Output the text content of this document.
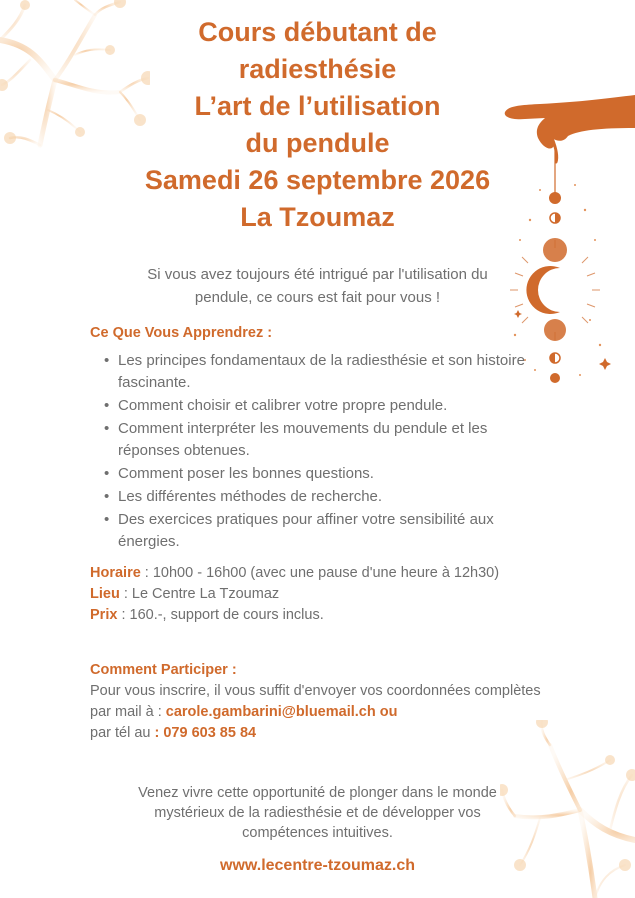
Cours débutant de
radiesthésie
L’art de l’utilisation
du pendule
Samedi 26 septembre 2026
La Tzoumaz

Si vous avez toujours été intrigué par l'utilisation du
pendule, ce cours est fait pour vous !

Ce Que Vous Apprendrez :
• Les principes fondamentaux de la radiesthésie et son histoire fascinante.
• Comment choisir et calibrer votre propre pendule.
• Comment interpréter les mouvements du pendule et les réponses obtenues.
• Comment poser les bonnes questions.
• Les différentes méthodes de recherche.
• Des exercices pratiques pour affiner votre sensibilité aux énergies.

Horaire : 10h00 - 16h00 (avec une pause d'une heure à 12h30)

Lieu : Le Centre La Tzoumaz

Prix : 160.-, support de cours inclus.

Comment Participer :

Pour vous inscrire, il vous suffit d'envoyer vos coordonnées complètes

par mail à : carole.gambarini@bluemail.ch ou

par tél au : 079 603 85 84

Venez vivre cette opportunité de plonger dans le monde
mystérieux de la radiesthésie et de développer vos
compétences intuitives.

www.lecentre-tzoumaz.ch
